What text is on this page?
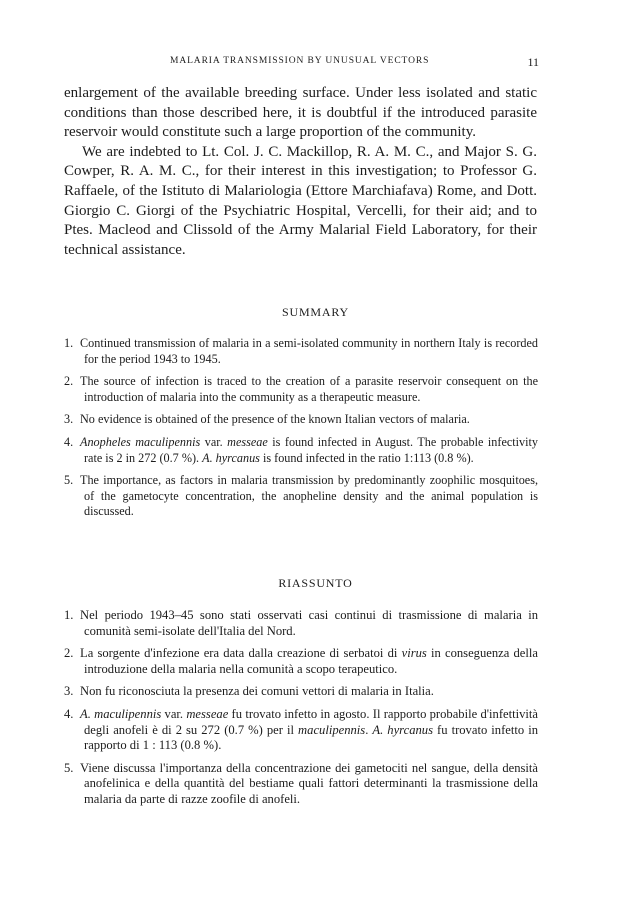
MALARIA TRANSMISSION BY UNUSUAL VECTORS	11

enlargement of the available breeding surface. Under less isolated and static conditions than those described here, it is doubtful if the introduced parasite reservoir would constitute such a large proportion of the community.

We are indebted to Lt. Col. J. C. Mackillop, R. A. M. C., and Major S. G. Cowper, R. A. M. C., for their interest in this investigation; to Professor G. Raffaele, of the Istituto di Malariologia (Ettore Marchiafava) Rome, and Dott. Giorgio C. Giorgi of the Psychiatric Hospital, Vercelli, for their aid; and to Ptes. Macleod and Clissold of the Army Malarial Field Laboratory, for their technical assistance.

SUMMARY
1. Continued transmission of malaria in a semi-isolated community in northern Italy is recorded for the period 1943 to 1945.
2. The source of infection is traced to the creation of a parasite reservoir consequent on the introduction of malaria into the community as a therapeutic measure.
3. No evidence is obtained of the presence of the known Italian vectors of malaria.
4. Anopheles maculipennis var. messeae is found infected in August. The probable infectivity rate is 2 in 272 (0.7 %). A. hyrcanus is found infected in the ratio 1:113 (0.8 %).
5. The importance, as factors in malaria transmission by predominantly zoophilic mosquitoes, of the gametocyte concentration, the anopheline density and the animal population is discussed.
RIASSUNTO
1. Nel periodo 1943–45 sono stati osservati casi continui di trasmissione di malaria in comunità semi-isolate dell'Italia del Nord.
2. La sorgente d'infezione era data dalla creazione di serbatoi di virus in conseguenza della introduzione della malaria nella comunità a scopo terapeutico.
3. Non fu riconosciuta la presenza dei comuni vettori di malaria in Italia.
4. A. maculipennis var. messeae fu trovato infetto in agosto. Il rapporto probabile d'infettività degli anofeli è di 2 su 272 (0.7 %) per il maculipennis. A. hyrcanus fu trovato infetto in rapporto di 1 : 113 (0.8 %).
5. Viene discussa l'importanza della concentrazione dei gametociti nel sangue, della densità anofelinica e della quantità del bestiame quali fattori determinanti la trasmissione della malaria da parte di razze zoofile di anofeli.
